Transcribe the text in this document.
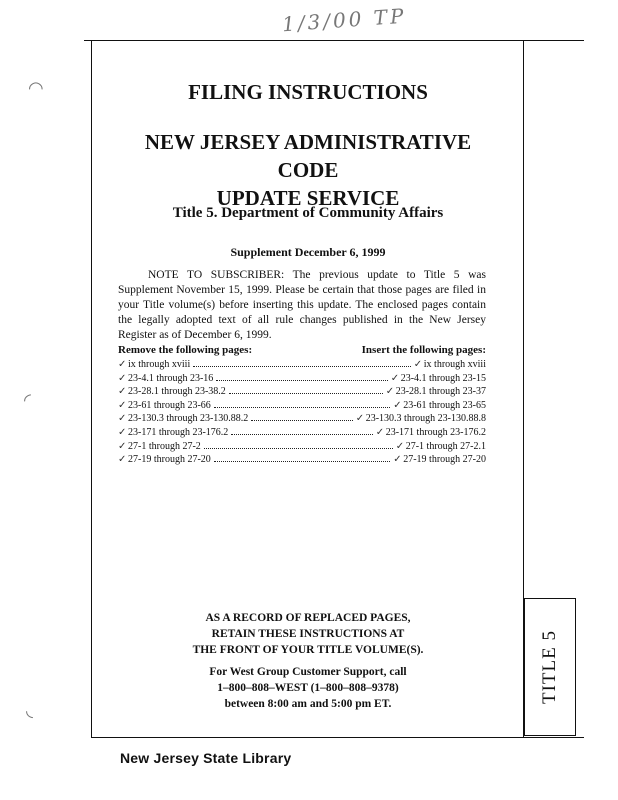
1/3/00 TP
TITLE 5
FILING INSTRUCTIONS
NEW JERSEY ADMINISTRATIVE CODE
UPDATE SERVICE
Title 5. Department of Community Affairs
Supplement December 6, 1999
NOTE TO SUBSCRIBER: The previous update to Title 5 was Supplement November 15, 1999. Please be certain that those pages are filed in your Title volume(s) before inserting this update. The enclosed pages contain the legally adopted text of all rule changes published in the New Jersey Register as of December 6, 1999.
Remove the following pages:	Insert the following pages:
✓ ix through xviii	✓ ix through xviii
✓ 23-4.1 through 23-16	✓ 23-4.1 through 23-15
✓ 23-28.1 through 23-38.2	✓ 23-28.1 through 23-37
✓ 23-61 through 23-66	✓ 23-61 through 23-65
✓ 23-130.3 through 23-130.88.2	✓ 23-130.3 through 23-130.88.8
✓ 23-171 through 23-176.2	✓ 23-171 through 23-176.2
✓ 27-1 through 27-2	✓ 27-1 through 27-2.1
✓ 27-19 through 27-20	✓ 27-19 through 27-20
AS A RECORD OF REPLACED PAGES,
RETAIN THESE INSTRUCTIONS AT
THE FRONT OF YOUR TITLE VOLUME(S).
For West Group Customer Support, call
1–800–808–WEST (1–800–808–9378)
between 8:00 am and 5:00 pm ET.
New Jersey State Library
◠
◜
◟
